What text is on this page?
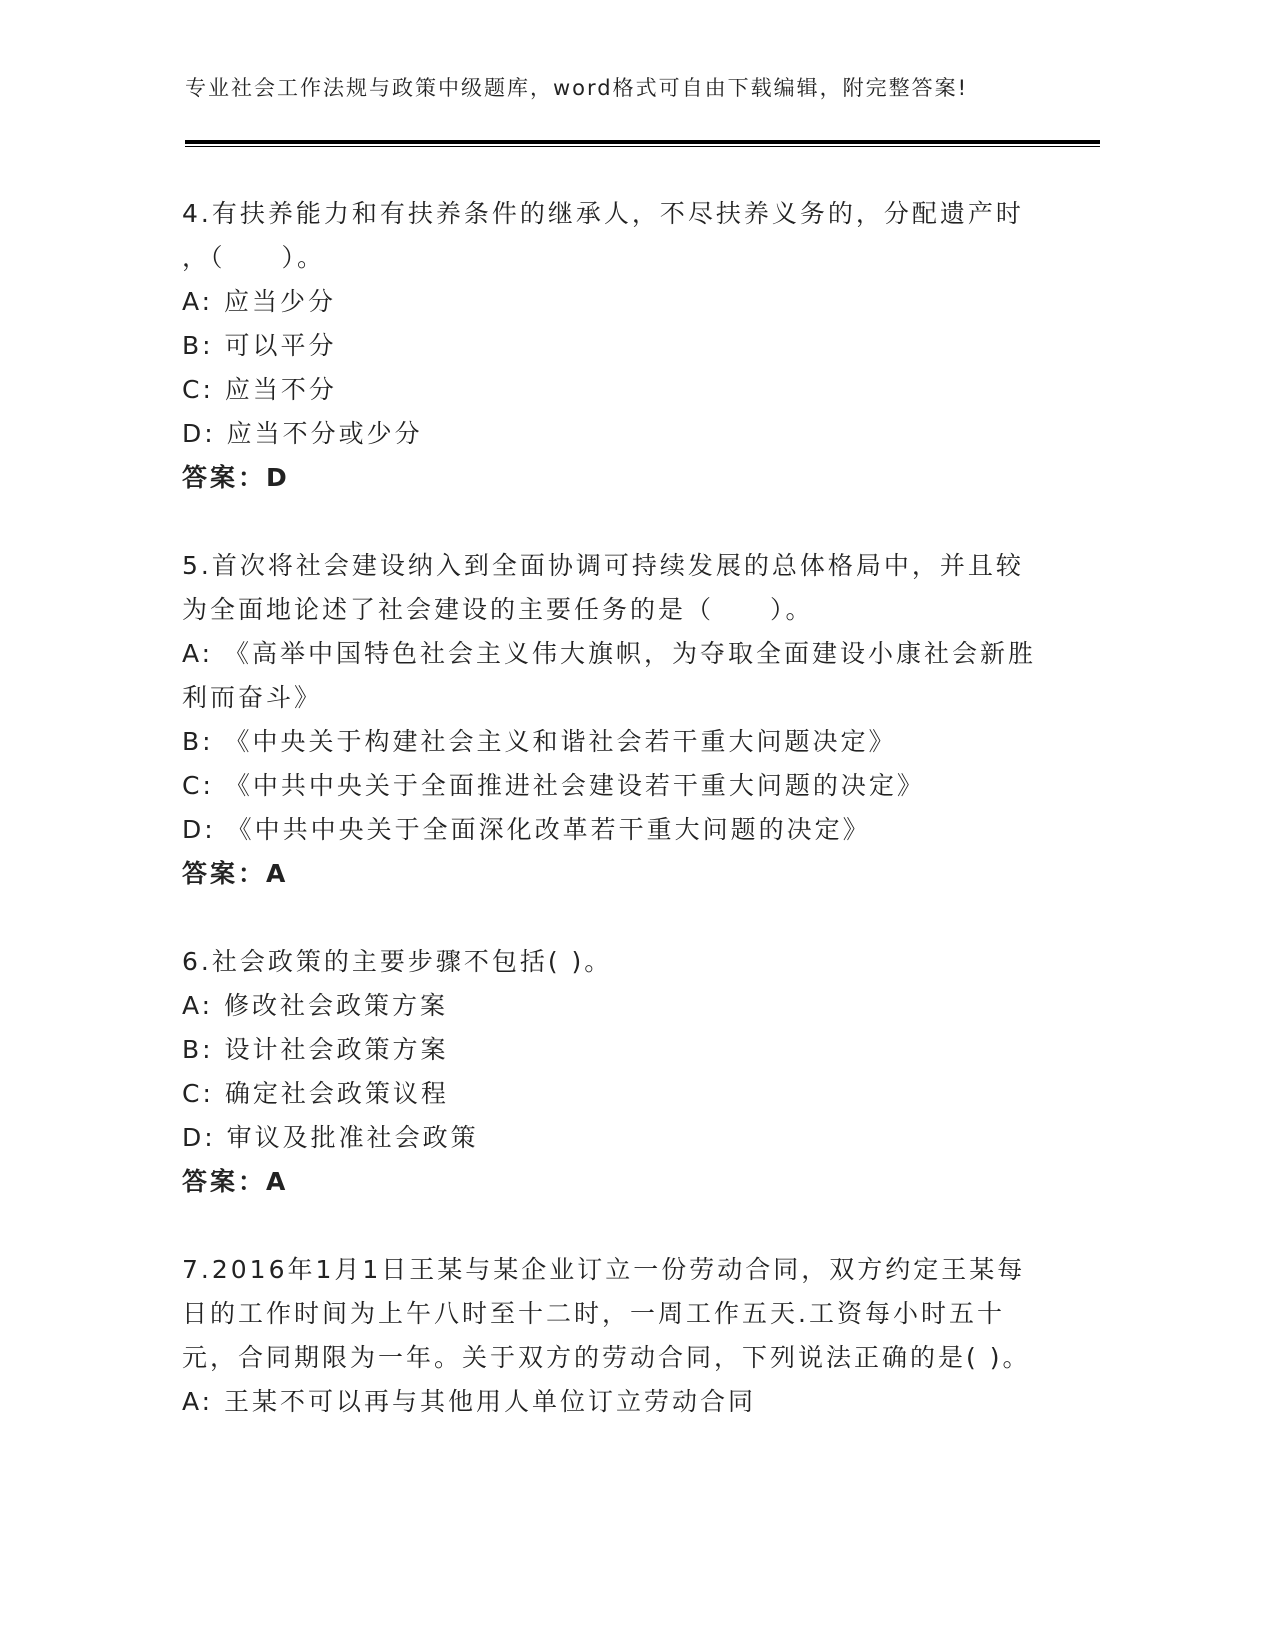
专业社会工作法规与政策中级题库，word格式可自由下载编辑，附完整答案!
4.有扶养能力和有扶养条件的继承人，不尽扶养义务的，分配遗产时
，（　　）。
A: 应当少分
B: 可以平分
C: 应当不分
D: 应当不分或少分
答案：D
5.首次将社会建设纳入到全面协调可持续发展的总体格局中，并且较
为全面地论述了社会建设的主要任务的是（　　）。
A: 《高举中国特色社会主义伟大旗帜，为夺取全面建设小康社会新胜
利而奋斗》
B: 《中央关于构建社会主义和谐社会若干重大问题决定》
C: 《中共中央关于全面推进社会建设若干重大问题的决定》
D: 《中共中央关于全面深化改革若干重大问题的决定》
答案：A
6.社会政策的主要步骤不包括( )。
A: 修改社会政策方案
B: 设计社会政策方案
C: 确定社会政策议程
D: 审议及批准社会政策
答案：A
7.2016年1月1日王某与某企业订立一份劳动合同，双方约定王某每
日的工作时间为上午八时至十二时，一周工作五天.工资每小时五十
元，合同期限为一年。关于双方的劳动合同，下列说法正确的是( )。
A: 王某不可以再与其他用人单位订立劳动合同
